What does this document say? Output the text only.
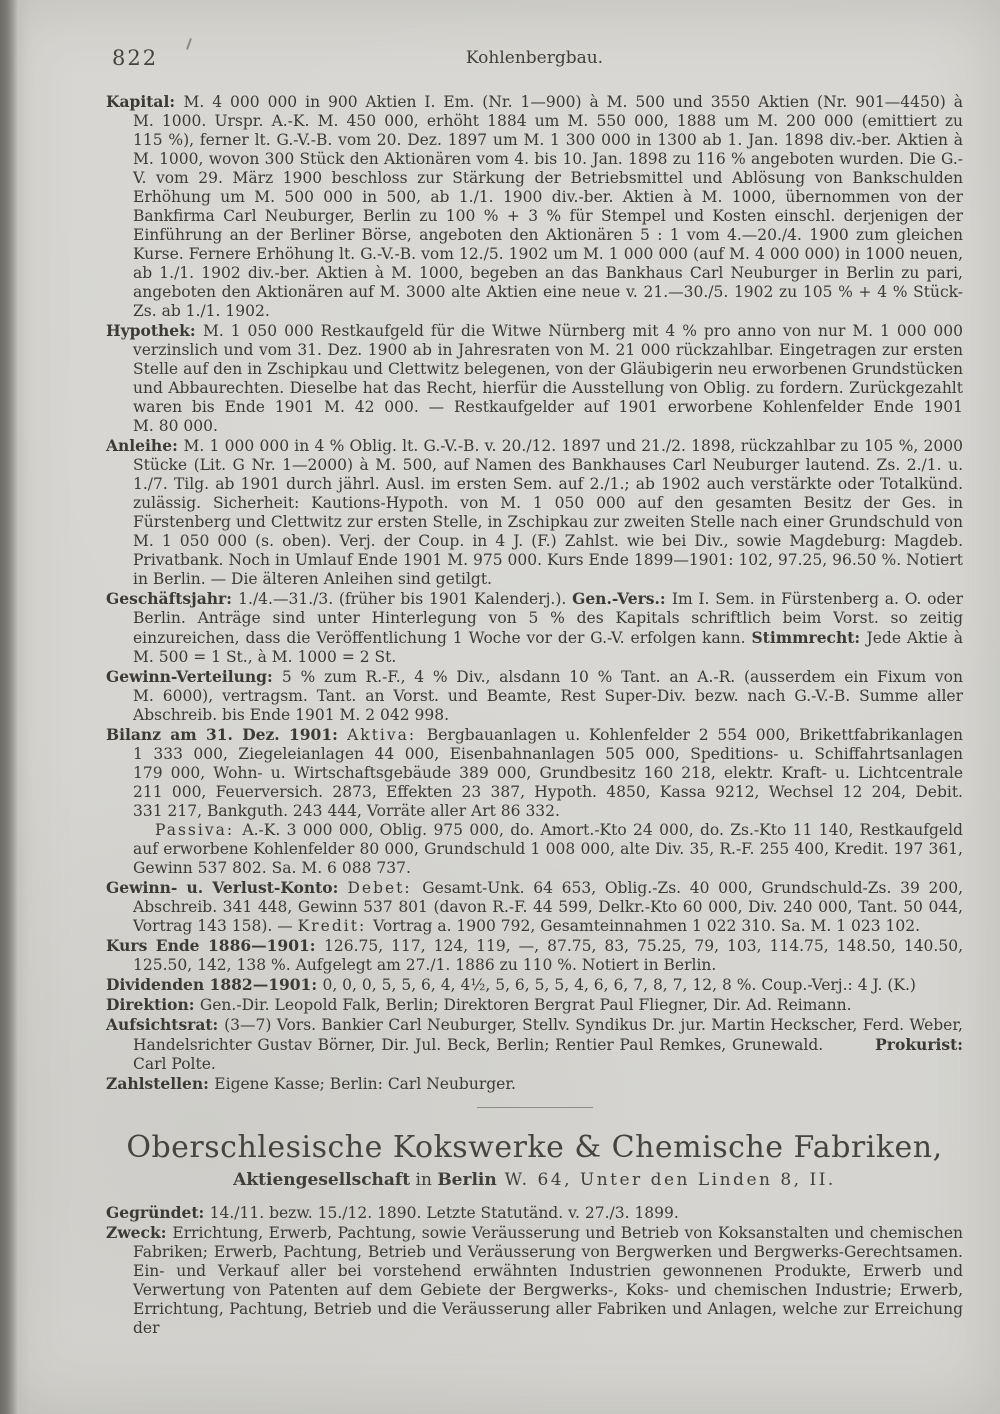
822	Kohlenbergbau.

Kapital: M. 4 000 000 in 900 Aktien I. Em. (Nr. 1—900) à M. 500 und 3550 Aktien (Nr. 901—4450) à M. 1000. Urspr. A.-K. M. 450 000, erhöht 1884 um M. 550 000, 1888 um M. 200 000 (emittiert zu 115 %), ferner lt. G.-V.-B. vom 20. Dez. 1897 um M. 1 300 000 in 1300 ab 1. Jan. 1898 div.-ber. Aktien à M. 1000, wovon 300 Stück den Aktionären vom 4. bis 10. Jan. 1898 zu 116 % angeboten wurden. Die G.-V. vom 29. März 1900 beschloss zur Stärkung der Betriebsmittel und Ablösung von Bankschulden Erhöhung um M. 500 000 in 500, ab 1./1. 1900 div.-ber. Aktien à M. 1000, übernommen von der Bankfirma Carl Neuburger, Berlin zu 100 % + 3 % für Stempel und Kosten einschl. derjenigen der Einführung an der Berliner Börse, angeboten den Aktionären 5 : 1 vom 4.—20./4. 1900 zum gleichen Kurse. Fernere Erhöhung lt. G.-V.-B. vom 12./5. 1902 um M. 1 000 000 (auf M. 4 000 000) in 1000 neuen, ab 1./1. 1902 div.-ber. Aktien à M. 1000, begeben an das Bankhaus Carl Neuburger in Berlin zu pari, angeboten den Aktionären auf M. 3000 alte Aktien eine neue v. 21.—30./5. 1902 zu 105 % + 4 % Stück-Zs. ab 1./1. 1902.

Hypothek: M. 1 050 000 Restkaufgeld für die Witwe Nürnberg mit 4 % pro anno von nur M. 1 000 000 verzinslich und vom 31. Dez. 1900 ab in Jahresraten von M. 21 000 rückzahlbar. Eingetragen zur ersten Stelle auf den in Zschipkau und Clettwitz belegenen, von der Gläubigerin neu erworbenen Grundstücken und Abbaurechten. Dieselbe hat das Recht, hierfür die Ausstellung von Oblig. zu fordern. Zurückgezahlt waren bis Ende 1901 M. 42 000. — Restkaufgelder auf 1901 erworbene Kohlenfelder Ende 1901 M. 80 000.

Anleihe: M. 1 000 000 in 4 % Oblig. lt. G.-V.-B. v. 20./12. 1897 und 21./2. 1898, rückzahlbar zu 105 %, 2000 Stücke (Lit. G Nr. 1—2000) à M. 500, auf Namen des Bankhauses Carl Neuburger lautend. Zs. 2./1. u. 1./7. Tilg. ab 1901 durch jährl. Ausl. im ersten Sem. auf 2./1.; ab 1902 auch verstärkte oder Totalkünd. zulässig. Sicherheit: Kautions-Hypoth. von M. 1 050 000 auf den gesamten Besitz der Ges. in Fürstenberg und Clettwitz zur ersten Stelle, in Zschipkau zur zweiten Stelle nach einer Grundschuld von M. 1 050 000 (s. oben). Verj. der Coup. in 4 J. (F.) Zahlst. wie bei Div., sowie Magdeburg: Magdeb. Privatbank. Noch in Umlauf Ende 1901 M. 975 000. Kurs Ende 1899—1901: 102, 97.25, 96.50 %. Notiert in Berlin. — Die älteren Anleihen sind getilgt.

Geschäftsjahr: 1./4.—31./3. (früher bis 1901 Kalenderj.). Gen.-Vers.: Im I. Sem. in Fürstenberg a. O. oder Berlin. Anträge sind unter Hinterlegung von 5 % des Kapitals schriftlich beim Vorst. so zeitig einzureichen, dass die Veröffentlichung 1 Woche vor der G.-V. erfolgen kann. Stimmrecht: Jede Aktie à M. 500 = 1 St., à M. 1000 = 2 St.

Gewinn-Verteilung: 5 % zum R.-F., 4 % Div., alsdann 10 % Tant. an A.-R. (ausserdem ein Fixum von M. 6000), vertragsm. Tant. an Vorst. und Beamte, Rest Super-Div. bezw. nach G.-V.-B. Summe aller Abschreib. bis Ende 1901 M. 2 042 998.

Bilanz am 31. Dez. 1901: Aktiva: Bergbauanlagen u. Kohlenfelder 2 554 000, Brikettfabrikanlagen 1 333 000, Ziegeleianlagen 44 000, Eisenbahnanlagen 505 000, Speditions- u. Schiffahrtsanlagen 179 000, Wohn- u. Wirtschaftsgebäude 389 000, Grundbesitz 160 218, elektr. Kraft- u. Lichtcentrale 211 000, Feuerversich. 2873, Effekten 23 387, Hypoth. 4850, Kassa 9212, Wechsel 12 204, Debit. 331 217, Bankguth. 243 444, Vorräte aller Art 86 332.

Passiva: A.-K. 3 000 000, Oblig. 975 000, do. Amort.-Kto 24 000, do. Zs.-Kto 11 140, Restkaufgeld auf erworbene Kohlenfelder 80 000, Grundschuld 1 008 000, alte Div. 35, R.-F. 255 400, Kredit. 197 361, Gewinn 537 802. Sa. M. 6 088 737.

Gewinn- u. Verlust-Konto: Debet: Gesamt-Unk. 64 653, Oblig.-Zs. 40 000, Grundschuld-Zs. 39 200, Abschreib. 341 448, Gewinn 537 801 (davon R.-F. 44 599, Delkr.-Kto 60 000, Div. 240 000, Tant. 50 044, Vortrag 143 158). — Kredit: Vortrag a. 1900 792, Gesamteinnahmen 1 022 310. Sa. M. 1 023 102.

Kurs Ende 1886—1901: 126.75, 117, 124, 119, —, 87.75, 83, 75.25, 79, 103, 114.75, 148.50, 140.50, 125.50, 142, 138 %. Aufgelegt am 27./1. 1886 zu 110 %. Notiert in Berlin.

Dividenden 1882—1901: 0, 0, 0, 5, 5, 6, 4, 4½, 5, 6, 5, 5, 4, 6, 6, 7, 8, 7, 12, 8 %. Coup.-Verj.: 4 J. (K.)

Direktion: Gen.-Dir. Leopold Falk, Berlin; Direktoren Bergrat Paul Fliegner, Dir. Ad. Reimann.

Aufsichtsrat: (3—7) Vors. Bankier Carl Neuburger, Stellv. Syndikus Dr. jur. Martin Heckscher, Ferd. Weber, Handelsrichter Gustav Börner, Dir. Jul. Beck, Berlin; Rentier Paul Remkes, Grunewald.         Prokurist: Carl Polte.

Zahlstellen: Eigene Kasse; Berlin: Carl Neuburger.

Oberschlesische Kokswerke & Chemische Fabriken,
Aktiengesellschaft in Berlin W. 64, Unter den Linden 8, II.

Gegründet: 14./11. bezw. 15./12. 1890. Letzte Statutänd. v. 27./3. 1899.

Zweck: Errichtung, Erwerb, Pachtung, sowie Veräusserung und Betrieb von Koksanstalten und chemischen Fabriken; Erwerb, Pachtung, Betrieb und Veräusserung von Bergwerken und Bergwerks-Gerechtsamen. Ein- und Verkauf aller bei vorstehend erwähnten Industrien gewonnenen Produkte, Erwerb und Verwertung von Patenten auf dem Gebiete der Bergwerks-, Koks- und chemischen Industrie; Erwerb, Errichtung, Pachtung, Betrieb und die Veräusserung aller Fabriken und Anlagen, welche zur Erreichung der
